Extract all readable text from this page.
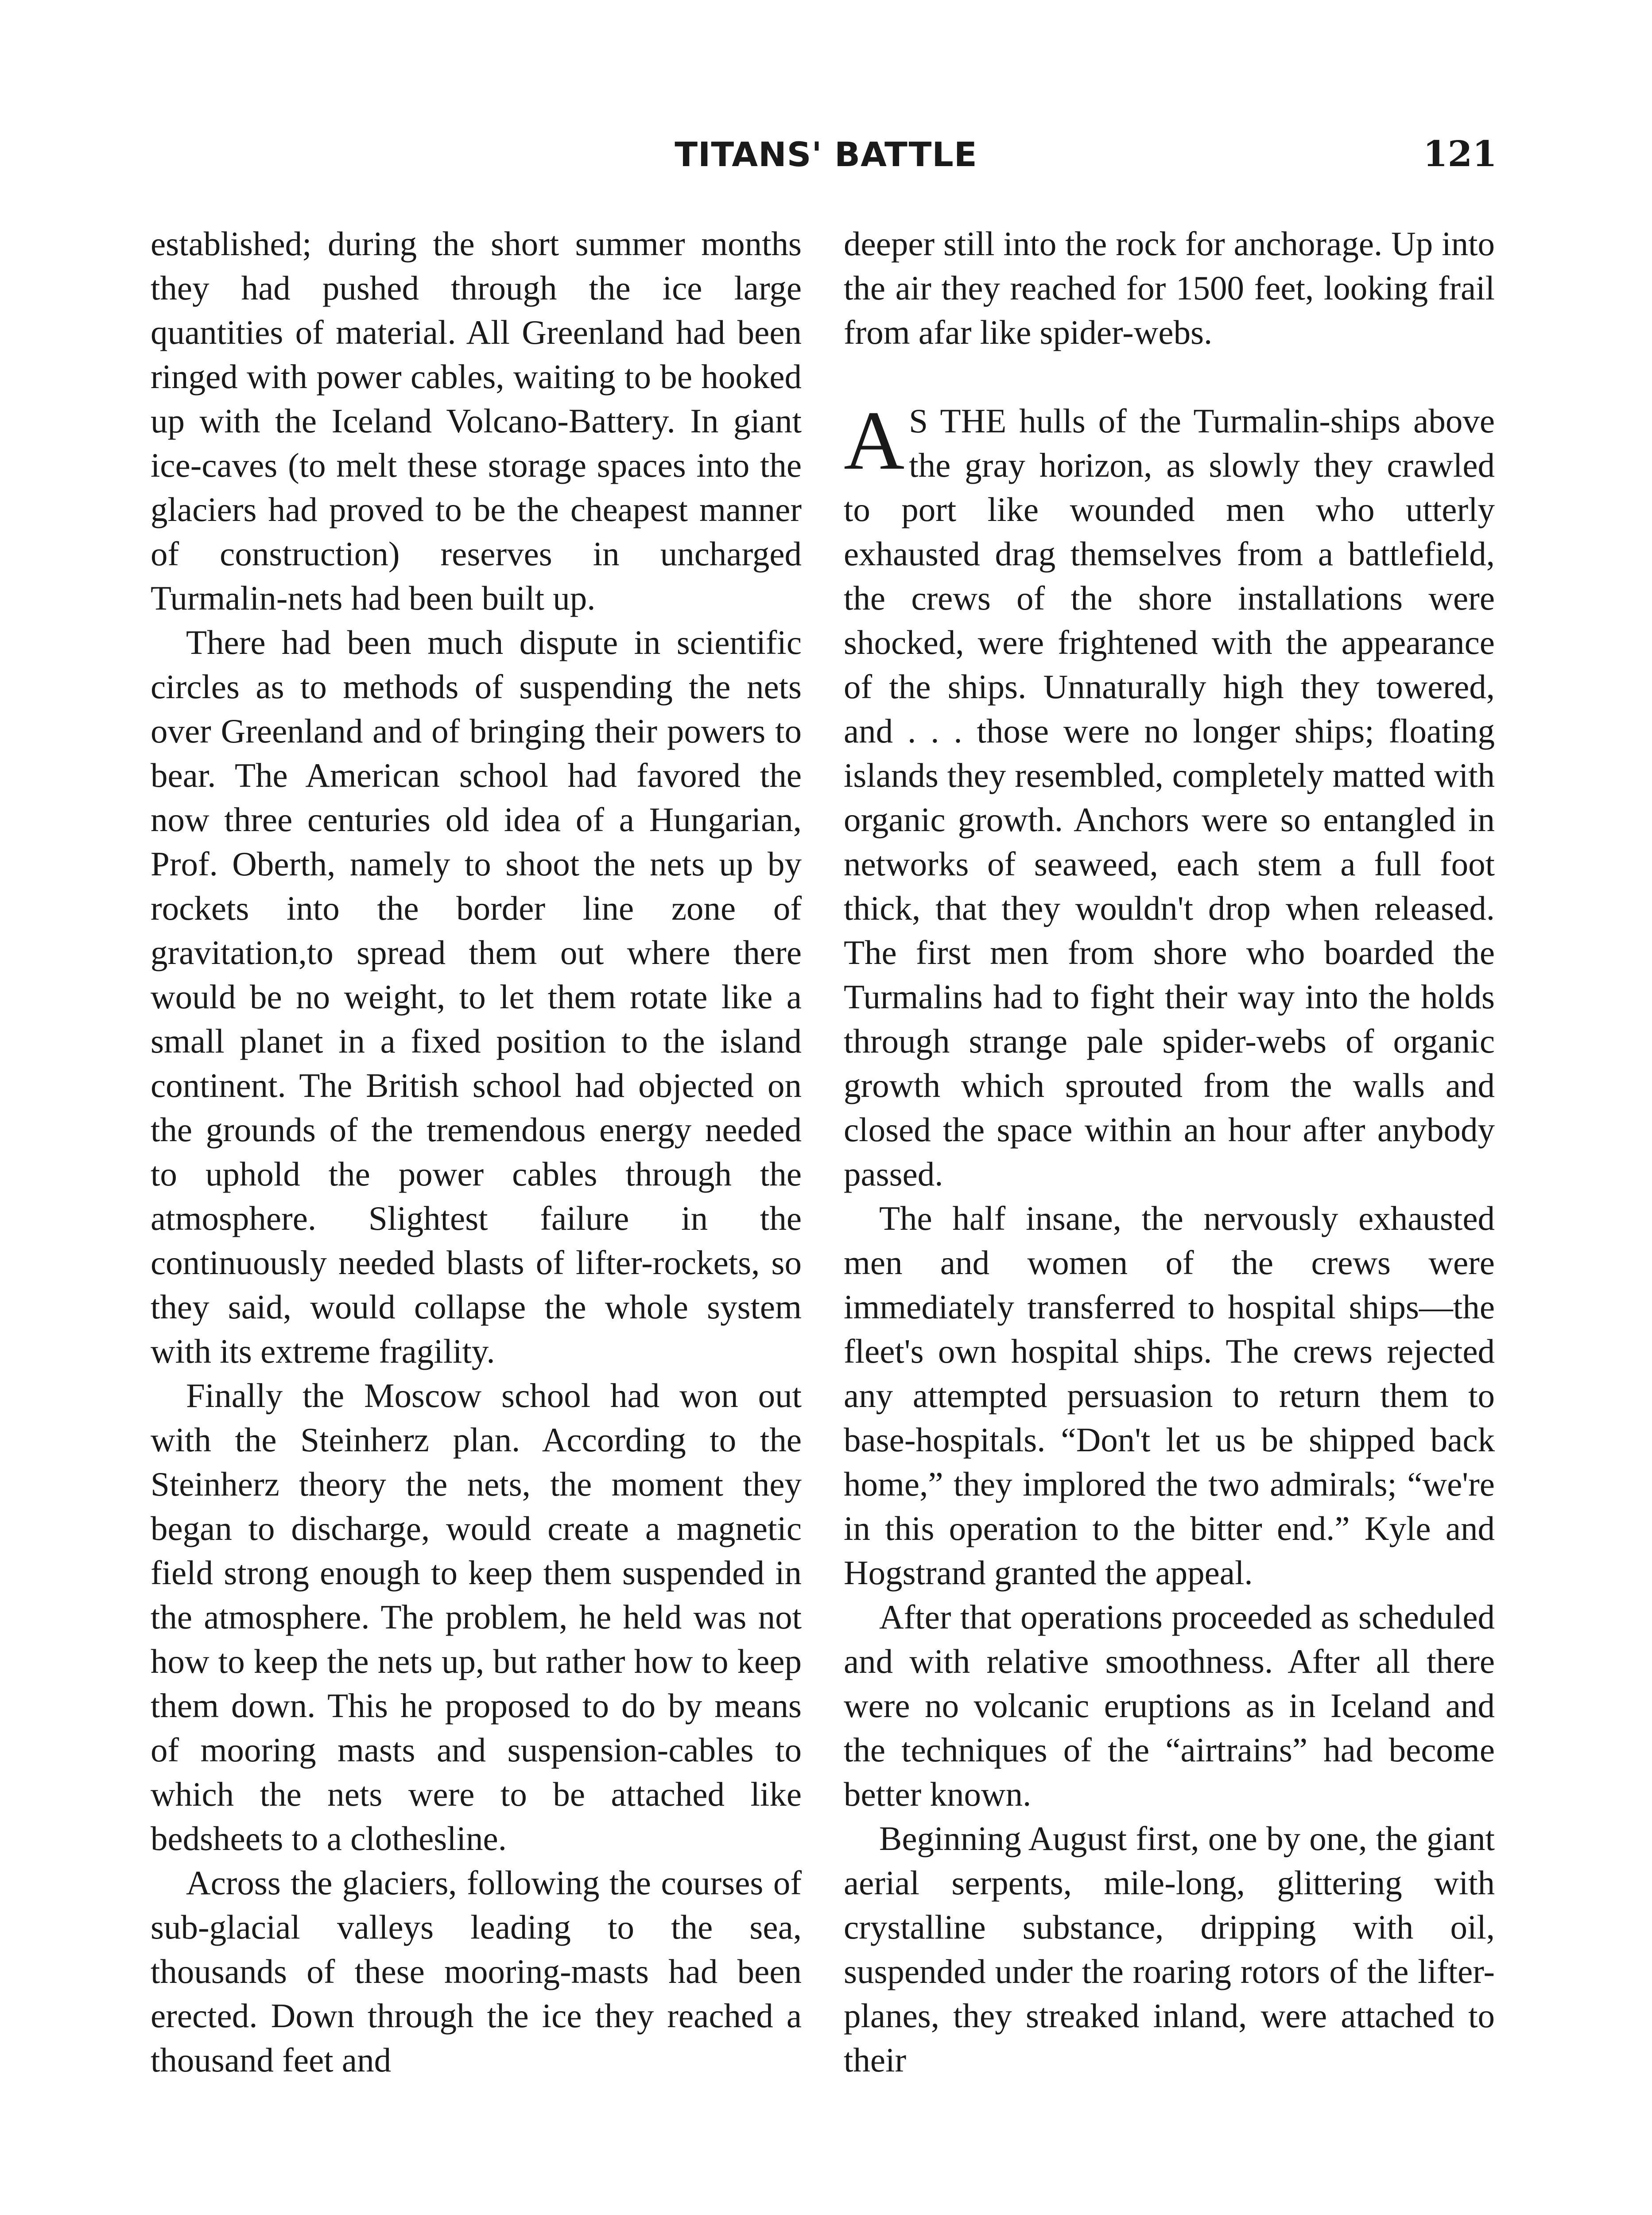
TITANS' BATTLE	121

established; during the short summer months they had pushed through the ice large quantities of material. All Greenland had been ringed with power cables, waiting to be hooked up with the Iceland Volcano-Battery. In giant ice-caves (to melt these storage spaces into the glaciers had proved to be the cheapest manner of construction) reserves in uncharged Turmalin-nets had been built up.

There had been much dispute in scientific circles as to methods of suspending the nets over Greenland and of bringing their powers to bear. The American school had favored the now three centuries old idea of a Hungarian, Prof. Oberth, namely to shoot the nets up by rockets into the border line zone of gravitation,to spread them out where there would be no weight, to let them rotate like a small planet in a fixed position to the island continent. The British school had objected on the grounds of the tremendous energy needed to uphold the power cables through the atmosphere. Slightest failure in the continuously needed blasts of lifter-rockets, so they said, would collapse the whole system with its extreme fragility.

Finally the Moscow school had won out with the Steinherz plan. According to the Steinherz theory the nets, the moment they began to discharge, would create a magnetic field strong enough to keep them suspended in the atmosphere. The problem, he held was not how to keep the nets up, but rather how to keep them down. This he proposed to do by means of mooring masts and suspension-cables to which the nets were to be attached like bedsheets to a clothesline.

Across the glaciers, following the courses of sub-glacial valleys leading to the sea, thousands of these mooring-masts had been erected. Down through the ice they reached a thousand feet and

deeper still into the rock for anchorage. Up into the air they reached for 1500 feet, looking frail from afar like spider-webs.

AS THE hulls of the Turmalin-ships above the gray horizon, as slowly they crawled to port like wounded men who utterly exhausted drag themselves from a battlefield, the crews of the shore installations were shocked, were frightened with the appearance of the ships. Unnaturally high they towered, and . . . those were no longer ships; floating islands they resembled, completely matted with organic growth. Anchors were so entangled in networks of seaweed, each stem a full foot thick, that they wouldn't drop when released. The first men from shore who boarded the Turmalins had to fight their way into the holds through strange pale spider-webs of organic growth which sprouted from the walls and closed the space within an hour after anybody passed.

The half insane, the nervously exhausted men and women of the crews were immediately transferred to hospital ships—the fleet's own hospital ships. The crews rejected any attempted persuasion to return them to base-hospitals. “Don't let us be shipped back home,” they implored the two admirals; “we're in this operation to the bitter end.” Kyle and Hogstrand granted the appeal.

After that operations proceeded as scheduled and with relative smoothness. After all there were no volcanic eruptions as in Iceland and the techniques of the “airtrains” had become better known.

Beginning August first, one by one, the giant aerial serpents, mile-long, glittering with crystalline substance, dripping with oil, suspended under the roaring rotors of the lifter-planes, they streaked inland, were attached to their
